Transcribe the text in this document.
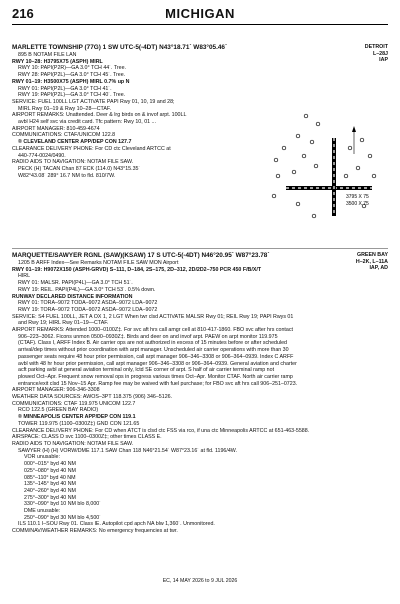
216	MICHIGAN
MARLETTE TOWNSHIP (77G) 1 SW UTC-5(-4DT) N43°18.71´ W83°05.46´
895 B NOTAM FILE LAN
RWY 10–28: H3795X75 (ASPH) MIRL
RWY 10: PAPI(P2R)—GA 3.0° TCH 44´. Tree.
RWY 28: PAPI(P2L)—GA 3.0° TCH 45´. Tree.
RWY 01–19: H3500X75 (ASPH) MIRL 0.7% up N
RWY 01: PAPI(P2L)—GA 3.0° TCH 41´.
RWY 19: PAPI(P2L)—GA 3.0° TCH 40´. Tree.
SERVICE: FUEL 100LL LGT ACTIVATE PAPI Rwy 01, 10, 19 and 28;
MIRL Rwy 01–19 & Rwy 10–28—CTAF.
AIRPORT REMARKS: Unattended. Deer & lrg birds on & invof arpt. 100LL
avbl H24 self svc via credit card. Tfc pattern: Rwy 10, 01 ...
AIRPORT MANAGER: 810-459-4674
COMMUNICATIONS: CTAF/UNICOM 122.8
® CLEVELAND CENTER APP/DEP CON 127.7
CLEARANCE DELIVERY PHONE: For CD ctc Cleveland ARTCC at
440-774-0024/0490.
RADIO AIDS TO NAVIGATION: NOTAM FILE SAW.
PECK (H) TACAN Chan 87 ECK (114.0) N43°15.35´
W82°43.08´ 289° 16.7 NM to fld. 810/7W.
DETROIT
L–28J
IAP
3795 X 75
3500 X 75
MARQUETTE/SAWYER RGNL (SAW)(KSAW) 17 S UTC-5(-4DT) N46°20.95´ W87°23.78´
1205 B ARFF Index—See Remarks NOTAM FILE SAW MON Airport
RWY 01–19: H9072X150 (ASPH-GRVD) S–111, D–184, 2S–175, 2D–312, 2D/2D2–750 PCR 450 F/B/X/T
HIRL
RWY 01: MALSR. PAPI(P4L)—GA 3.0° TCH 51´.
RWY 19: REIL. PAPI(P4L)—GA 3.0° TCH 53´. 0.5% down.
RUNWAY DECLARED DISTANCE INFORMATION
RWY 01: TORA–9072 TODA–9072 ASDA–9072 LDA–9072
RWY 19: TORA–9072 TODA–9072 ASDA–9072 LDA–9072
SERVICE: S4 FUEL 100LL, JET A OX 1, 2 LGT When twr clsd ACTIVATE MALSR Rwy 01; REIL Rwy 19; PAPI Rwys 01
and Rwy 19; HIRL Rwy 01–19—CTAF.
AIRPORT REMARKS: Attended 1000–0100Z‡. For svc aft hrs call amgr cell at 810-417-1860. FBO svc after hrs contact
906–223–3062. Ficons unmon 0500–0930Z‡. Birds and deer on and invof arpt. PAEW on arpt monitor 119.975
(CTAF). Class I, ARFF Index B. Air carrier ops are not authorized in excess of 15 minutes before or after scheduled
arrival/dep times without prior coordination with arpt manager. Unscheduled air carrier operations with more than 30
passenger seats require 48 hour prior permission, call arpt manager 906–346–3308 or 906–364–0939. Index C ARFF
avbl with 48 hr hour prior permission, call arpt manager 906–346–3308 or 906–364–0939. General aviation and charter
acft parking avbl at general aviation terminal only, lctd SE corner of arpt. S half of air carrier terminal ramp not
plowed Oct–Apr. Frequent snow removal ops in progress various times Oct–Apr. Monitor CTAF. North air carrier ramp
entrance/exit clsd 15 Nov–15 Apr. Ramp fee may be waived with fuel purchase; for FBO svc aft hrs call 906–251–0723.
AIRPORT MANAGER: 906-346-3308
WEATHER DATA SOURCES: AWOS–3PT 118.375 (906) 346–5126.
COMMUNICATIONS: CTAF 119.975 UNICOM 122.7
RCO 122.5 (GREEN BAY RADIO)
® MINNEAPOLIS CENTER APP/DEP CON 119.1
TOWER 119.975 (1100–0300Z‡) GND CON 121.65
CLEARANCE DELIVERY PHONE: For CD when ATCT is clsd ctc FSS via rco, if una ctc Minneapolis ARTCC at 651-463-5588.
AIRSPACE: CLASS D svc 1100–0300Z‡; other times CLASS E.
RADIO AIDS TO NAVIGATION: NOTAM FILE SAW.
SAWYER (H) (H) VORW/DME 117.1 SAW Chan 118 N46°21.54´ W87°23.16´ at fld. 1196/4W.
VOR unusable:
000°–015° byd 40 NM
025°–080° byd 40 NM
085°–110° byd 40 NM
135°–145° byd 40 NM
240°–260° byd 40 NM
275°–300° byd 40 NM
330°–090° byd 10 NM blo 8,000´
DME unusable:
250°–090° byd 30 NM blo 4,500´
ILS 110.1 I–SOU Rwy 01. Class IE. Autopilot cpd apch NA blw 1,360´. Unmonitored.
COMM/NAV/WEATHER REMARKS: No emergency frequencies at twr.
GREEN BAY
H–2K, L–11A
IAP, AD
EC, 14 MAY 2026 to 9 JUL 2026
